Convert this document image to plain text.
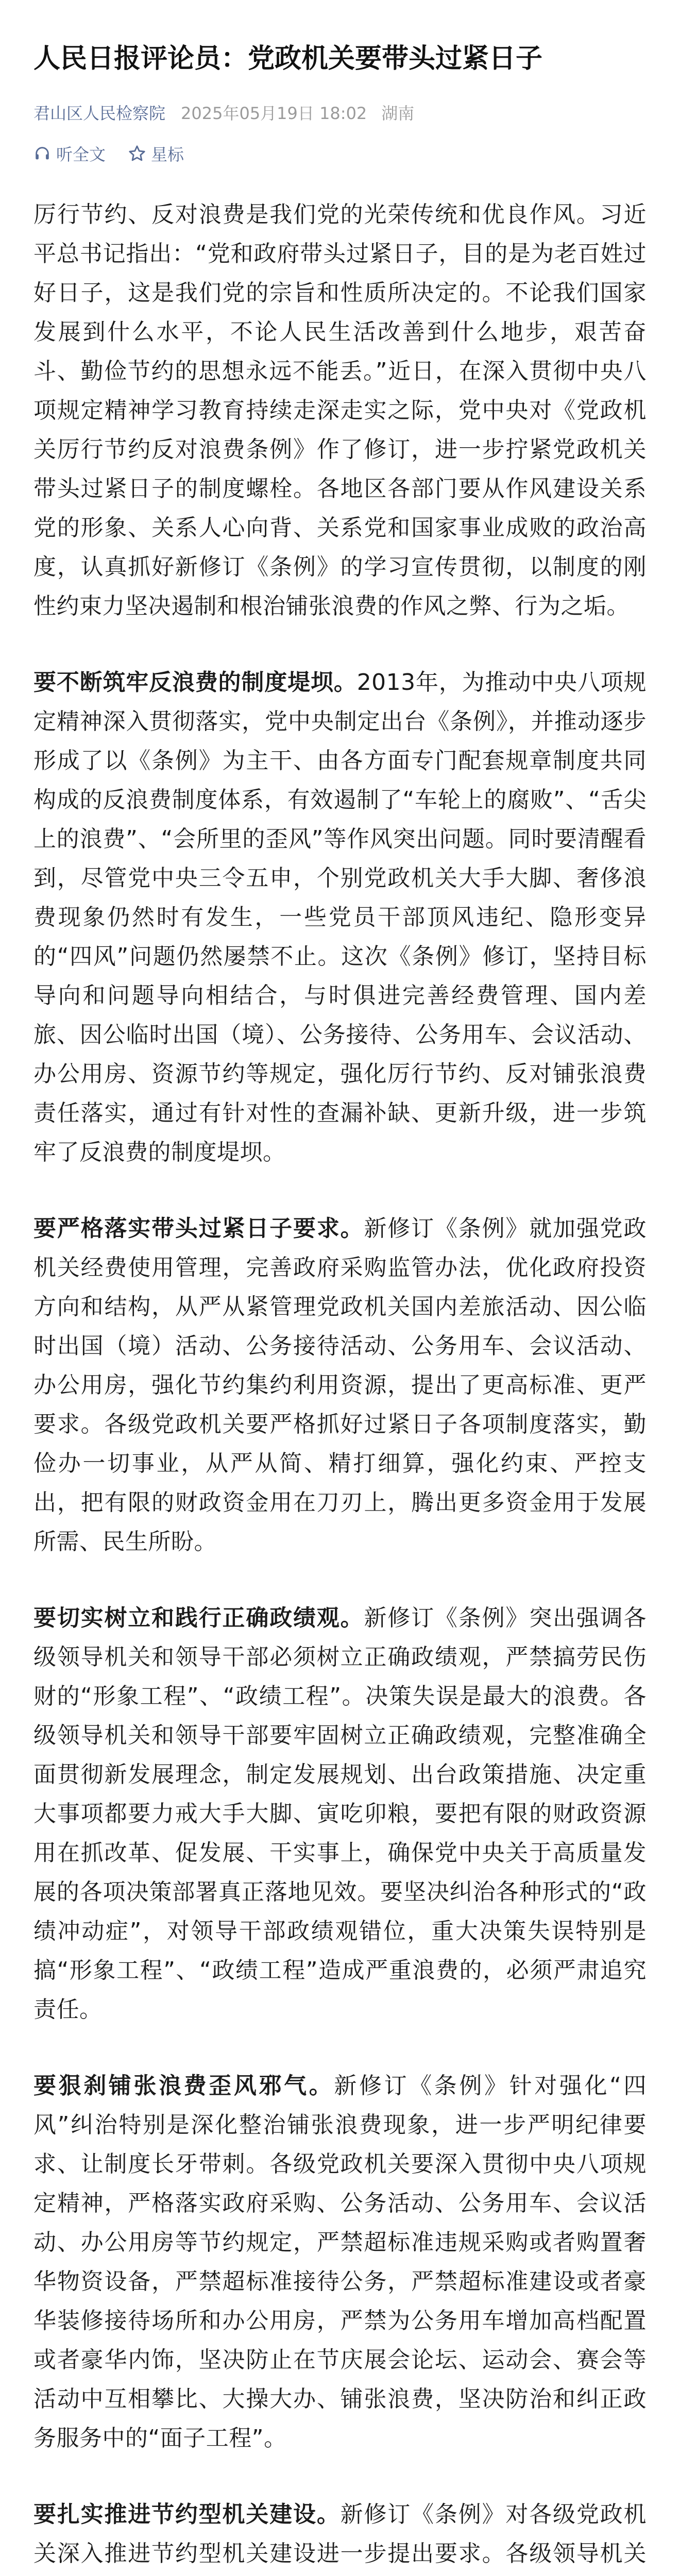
人民日报评论员：党政机关要带头过紧日子
君山区人民检察院 2025年05月19日 18:02 湖南
听全文	星标

厉行节约、反对浪费是我们党的光荣传统和优良作风。习近平总书记指出：“党和政府带头过紧日子，目的是为老百姓过好日子，这是我们党的宗旨和性质所决定的。不论我们国家发展到什么水平，不论人民生活改善到什么地步，艰苦奋斗、勤俭节约的思想永远不能丢。”近日，在深入贯彻中央八项规定精神学习教育持续走深走实之际，党中央对《党政机关厉行节约反对浪费条例》作了修订，进一步拧紧党政机关带头过紧日子的制度螺栓。各地区各部门要从作风建设关系党的形象、关系人心向背、关系党和国家事业成败的政治高度，认真抓好新修订《条例》的学习宣传贯彻，以制度的刚性约束力坚决遏制和根治铺张浪费的作风之弊、行为之垢。

要不断筑牢反浪费的制度堤坝。2013年，为推动中央八项规定精神深入贯彻落实，党中央制定出台《条例》，并推动逐步形成了以《条例》为主干、由各方面专门配套规章制度共同构成的反浪费制度体系，有效遏制了“车轮上的腐败”、“舌尖上的浪费”、“会所里的歪风”等作风突出问题。同时要清醒看到，尽管党中央三令五申，个别党政机关大手大脚、奢侈浪费现象仍然时有发生，一些党员干部顶风违纪、隐形变异的“四风”问题仍然屡禁不止。这次《条例》修订，坚持目标导向和问题导向相结合，与时俱进完善经费管理、国内差旅、因公临时出国（境）、公务接待、公务用车、会议活动、办公用房、资源节约等规定，强化厉行节约、反对铺张浪费责任落实，通过有针对性的查漏补缺、更新升级，进一步筑牢了反浪费的制度堤坝。

要严格落实带头过紧日子要求。新修订《条例》就加强党政机关经费使用管理，完善政府采购监管办法，优化政府投资方向和结构，从严从紧管理党政机关国内差旅活动、因公临时出国（境）活动、公务接待活动、公务用车、会议活动、办公用房，强化节约集约利用资源，提出了更高标准、更严要求。各级党政机关要严格抓好过紧日子各项制度落实，勤俭办一切事业，从严从简、精打细算，强化约束、严控支出，把有限的财政资金用在刀刃上，腾出更多资金用于发展所需、民生所盼。

要切实树立和践行正确政绩观。新修订《条例》突出强调各级领导机关和领导干部必须树立正确政绩观，严禁搞劳民伤财的“形象工程”、“政绩工程”。决策失误是最大的浪费。各级领导机关和领导干部要牢固树立正确政绩观，完整准确全面贯彻新发展理念，制定发展规划、出台政策措施、决定重大事项都要力戒大手大脚、寅吃卯粮，要把有限的财政资源用在抓改革、促发展、干实事上，确保党中央关于高质量发展的各项决策部署真正落地见效。要坚决纠治各种形式的“政绩冲动症”，对领导干部政绩观错位，重大决策失误特别是搞“形象工程”、“政绩工程”造成严重浪费的，必须严肃追究责任。

要狠刹铺张浪费歪风邪气。新修订《条例》针对强化“四风”纠治特别是深化整治铺张浪费现象，进一步严明纪律要求、让制度长牙带刺。各级党政机关要深入贯彻中央八项规定精神，严格落实政府采购、公务活动、公务用车、会议活动、办公用房等节约规定，严禁超标准违规采购或者购置奢华物资设备，严禁超标准接待公务，严禁超标准建设或者豪华装修接待场所和办公用房，严禁为公务用车增加高档配置或者豪华内饰，坚决防止在节庆展会论坛、运动会、赛会等活动中互相攀比、大操大办、铺张浪费，坚决防治和纠正政务服务中的“面子工程”。

要扎实推进节约型机关建设。新修订《条例》对各级党政机关深入推进节约型机关建设进一步提出要求。各级领导机关
